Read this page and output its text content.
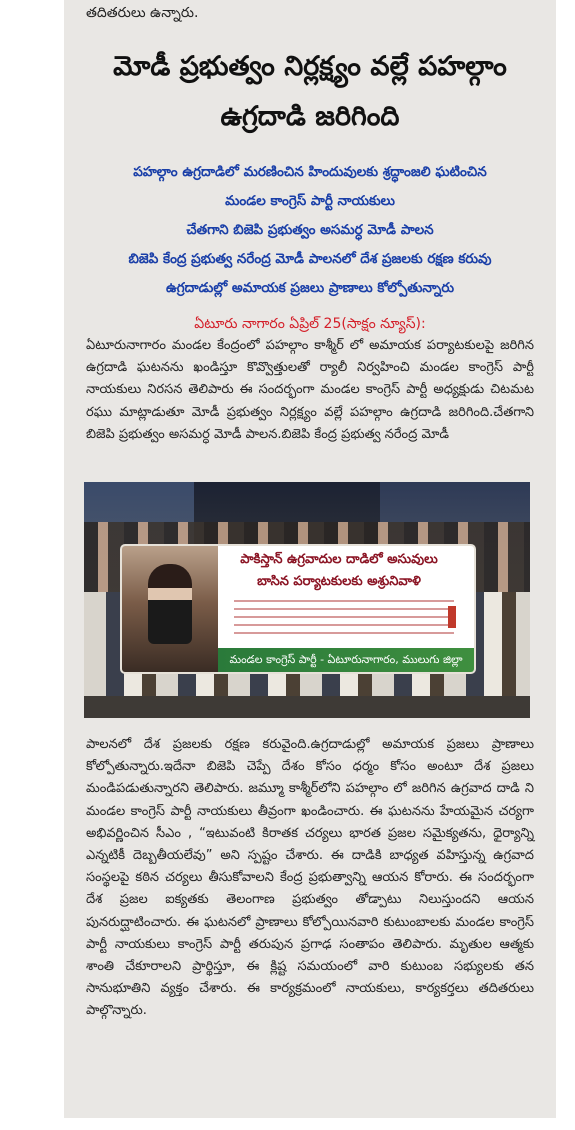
తదితరులు ఉన్నారు.

మోడీ ప్రభుత్వం నిర్లక్ష్యం వల్లే పహల్గాం
ఉగ్రదాడి జరిగింది
పహల్గాం ఉగ్రదాడిలో మరణించిన హిందువులకు శ్రద్ధాంజలి ఘటించిన
మండల కాంగ్రెస్ పార్టీ నాయకులు
చేతగాని బిజెపి ప్రభుత్వం అసమర్ధ మోడీ పాలన
బిజెపి కేంద్ర ప్రభుత్వ నరేంద్ర మోడీ పాలనలో దేశ ప్రజలకు రక్షణ కరువు
ఉగ్రదాడుల్లో అమాయక ప్రజలు ప్రాణాలు కోల్పోతున్నారు
ఏటూరు నాగారం ఏప్రిల్ 25(సాక్షం న్యూస్):

ఏటూరునాగారం మండల కేంద్రంలో పహల్గాం కాశ్మీర్ లో అమాయక పర్యాటకులపై జరిగిన ఉగ్రదాడి ఘటనను ఖండిస్తూ కొవ్వొత్తులతో ర్యాలీ నిర్వహించి మండల కాంగ్రెస్ పార్టీ నాయకులు నిరసన తెలిపారు ఈ సందర్భంగా మండల కాంగ్రెస్ పార్టీ అధ్యక్షుడు చిటమట రఘు మాట్లాడుతూ మోడీ ప్రభుత్వం నిర్లక్ష్యం వల్లే పహల్గాం ఉగ్రదాడి జరిగింది.చేతగాని బిజెపి ప్రభుత్వం అసమర్ధ మోడీ పాలన.బిజెపి కేంద్ర ప్రభుత్వ నరేంద్ర మోడీ

పాకిస్తాన్ ఉగ్రవాదుల దాడిలో అసువులు
బాసిన పర్యాటకులకు అశ్రునివాళి
మండల కాంగ్రెస్ పార్టీ - ఏటూరునాగారం, ములుగు జిల్లా

పాలనలో దేశ ప్రజలకు రక్షణ కరువైంది.ఉగ్రదాడుల్లో అమాయక ప్రజలు ప్రాణాలు కోల్పోతున్నారు.ఇదేనా బిజెపి చెప్పే దేశం కోసం ధర్మం కోసం అంటూ దేశ ప్రజలు మండిపడుతున్నారని తెలిపారు. జమ్మూ కాశ్మీర్‌లోని పహల్గాం లో జరిగిన ఉగ్రవాద దాడి ని మండల కాంగ్రెస్ పార్టీ నాయకులు తీవ్రంగా ఖండించారు. ఈ ఘటనను హేయమైన చర్యగా అభివర్ణించిన సీఎం , “ఇటువంటి కిరాతక చర్యలు భారత ప్రజల సమైక్యతను, ధైర్యాన్ని ఎన్నటికీ దెబ్బతీయలేవు” అని స్పష్టం చేశారు. ఈ దాడికి బాధ్యత వహిస్తున్న ఉగ్రవాద సంస్థలపై కఠిన చర్యలు తీసుకోవాలని కేంద్ర ప్రభుత్వాన్ని ఆయన కోరారు. ఈ సందర్భంగా దేశ ప్రజల ఐక్యతకు తెలంగాణ ప్రభుత్వం తోడ్పాటు నిలుస్తుందని ఆయన పునరుద్ఘాటించారు. ఈ ఘటనలో ప్రాణాలు కోల్పోయినవారి కుటుంబాలకు మండల కాంగ్రెస్ పార్టీ నాయకులు కాంగ్రెస్ పార్టీ తరుపున ప్రగాఢ సంతాపం తెలిపారు. మృతుల ఆత్మకు శాంతి చేకూరాలని ప్రార్థిస్తూ, ఈ క్లిష్ట సమయంలో వారి కుటుంబ సభ్యులకు తన సానుభూతిని వ్యక్తం చేశారు. ఈ కార్యక్రమంలో నాయకులు, కార్యకర్తలు తదితరులు పాల్గొన్నారు.
